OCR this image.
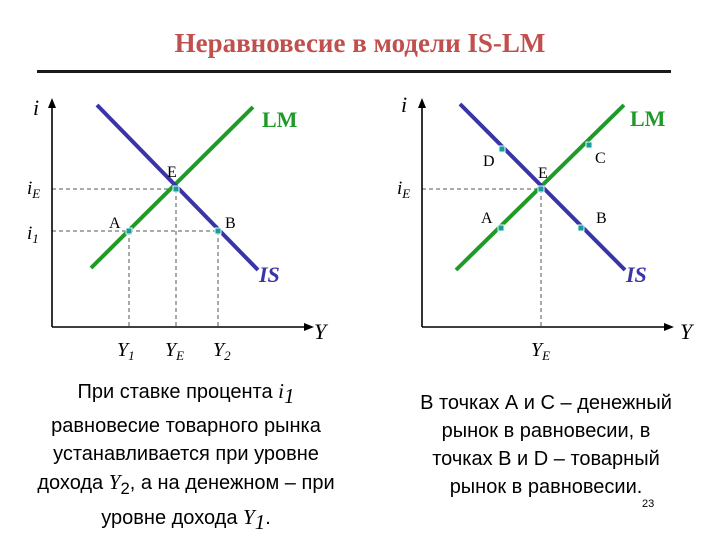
Неравновесие в модели IS-LM
i
Y
LM
IS
E
A	B
$i_E$
$i_1$
$Y_1$ $Y_E$ $Y_2$
i
Y
LM
IS
D
E
C
A	B
$i_E$
$Y_E$
При ставке процента $i_1$
равновесие товарного рынка
устанавливается при уровне
дохода $Y_2$, а на денежном – при
уровне дохода $Y_1$.
В точках А и С – денежный
рынок в равновесии, в
точках В и D – товарный
рынок в равновесии.
23
